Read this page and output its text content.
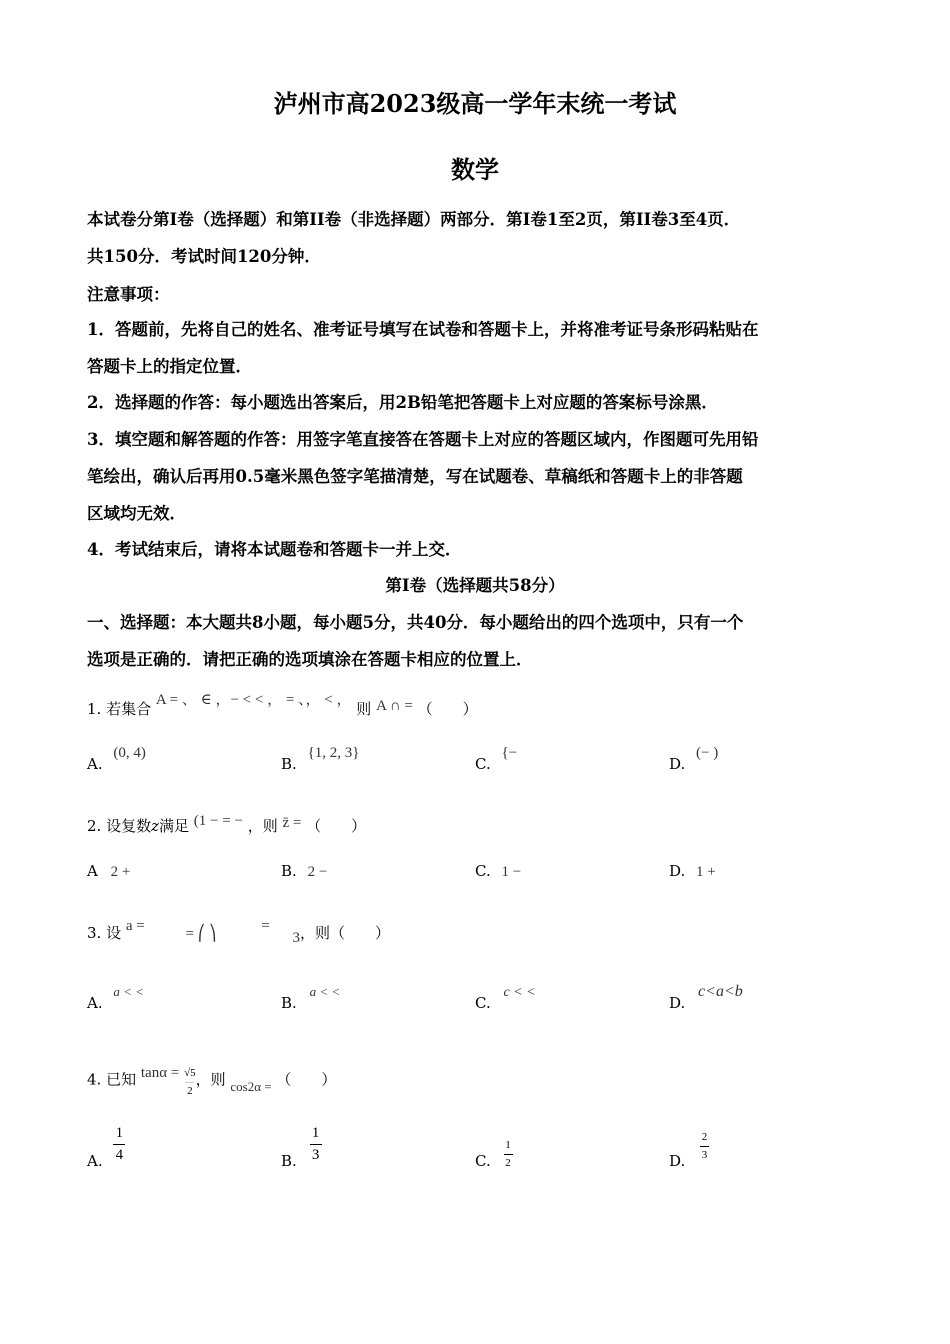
泸州市高2023级高一学年末统一考试
数学
本试卷分第I卷（选择题）和第II卷（非选择题）两部分．第I卷1至2页，第II卷3至4页．
共150分．考试时间120分钟．
注意事项：
1．答题前，先将自己的姓名、准考证号填写在试卷和答题卡上，并将准考证号条形码粘贴在
答题卡上的指定位置．
2．选择题的作答：每小题选出答案后，用2B铅笔把答题卡上对应题的答案标号涂黑．
3．填空题和解答题的作答：用签字笔直接答在答题卡上对应的答题区域内，作图题可先用铅
笔绘出，确认后再用0.5毫米黑色签字笔描清楚，写在试题卷、草稿纸和答题卡上的非答题
区域均无效．
4．考试结束后，请将本试题卷和答题卡一并上交．
第I卷（选择题共58分）
一、选择题：本大题共8小题，每小题5分，共40分．每小题给出的四个选项中，只有一个
选项是正确的．请把正确的选项填涂在答题卡相应的位置上．
1. 若集合 A = 、 ∈ ，− < < ， = 、， < ， 则 A ∩ = （　　）
A. (0, 4)
B. {1, 2, 3}
C. {−
D. (− )
2. 设复数z满足 (1 − = − ，则 z̄ = （　　）
A 2 +	B. 2 −	C. 1 −	D. 1 +
3. 设 a =	= ⎛ ⎞	= 3，则（　　）
A. a < <
B. a < <
C. c < <
D. c<a<b
4. 已知 $\tan\alpha = \frac{√5}{2}$ ，则 cos2α = （　　）
A. $\frac{1}{4}$	B. $\frac{1}{3}$	C. $\frac{1}{2}$	D. $\frac{2}{3}$
